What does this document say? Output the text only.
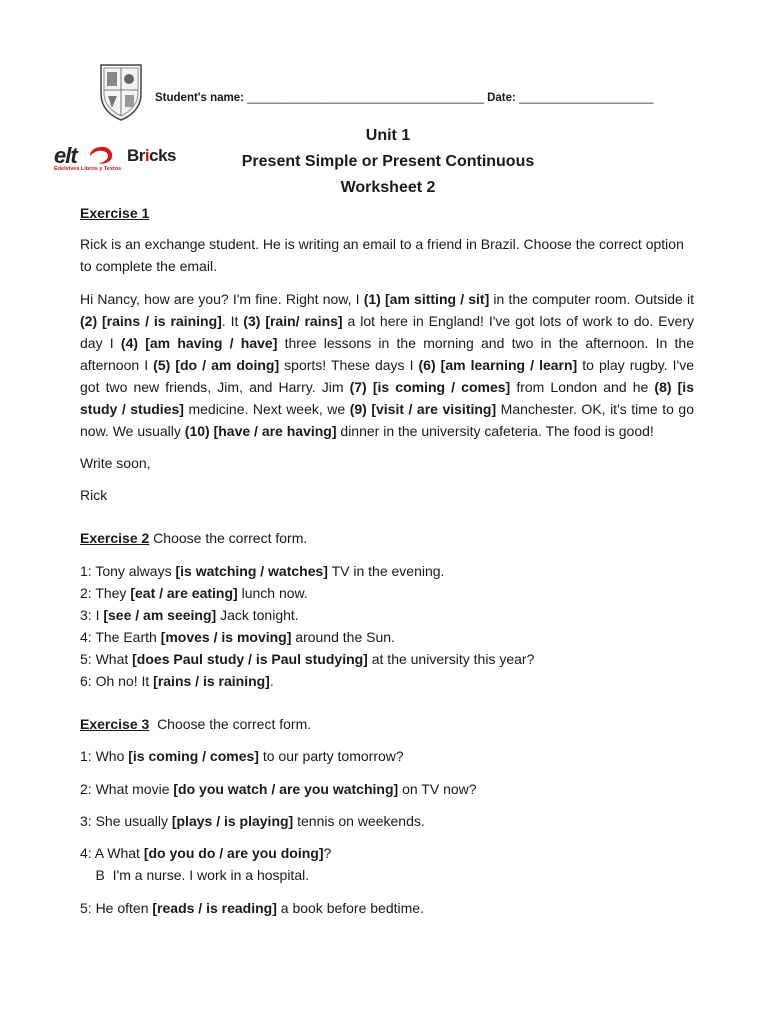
Student's name: _____________________________________ Date: _____________________
elt
Edelvives Libros y Textos
Bricks
Unit 1
Present Simple or Present Continuous
Worksheet 2
Exercise 1
Rick is an exchange student. He is writing an email to a friend in Brazil. Choose the correct option to complete the email.
Hi Nancy, how are you? I'm fine. Right now, I (1) [am sitting / sit] in the computer room. Outside it (2) [rains / is raining]. It (3) [rain/ rains] a lot here in England! I've got lots of work to do. Every day I (4) [am having / have] three lessons in the morning and two in the afternoon. In the afternoon I (5) [do / am doing] sports! These days I (6) [am learning / learn] to play rugby. I've got two new friends, Jim, and Harry. Jim (7) [is coming / comes] from London and he (8) [is study / studies] medicine. Next week, we (9) [visit / are visiting] Manchester. OK, it's time to go now. We usually (10) [have / are having] dinner in the university cafeteria. The food is good!
Write soon,
Rick
Exercise 2 Choose the correct form.
1: Tony always [is watching / watches] TV in the evening.
2: They [eat / are eating] lunch now.
3: I [see / am seeing] Jack tonight.
4: The Earth [moves / is moving] around the Sun.
5: What [does Paul study / is Paul studying] at the university this year?
6: Oh no! It [rains / is raining].
Exercise 3  Choose the correct form.
1: Who [is coming / comes] to our party tomorrow?
2: What movie [do you watch / are you watching] on TV now?
3: She usually [plays / is playing] tennis on weekends.
4: A What [do you do / are you doing]?
B  I'm a nurse. I work in a hospital.
5: He often [reads / is reading] a book before bedtime.
